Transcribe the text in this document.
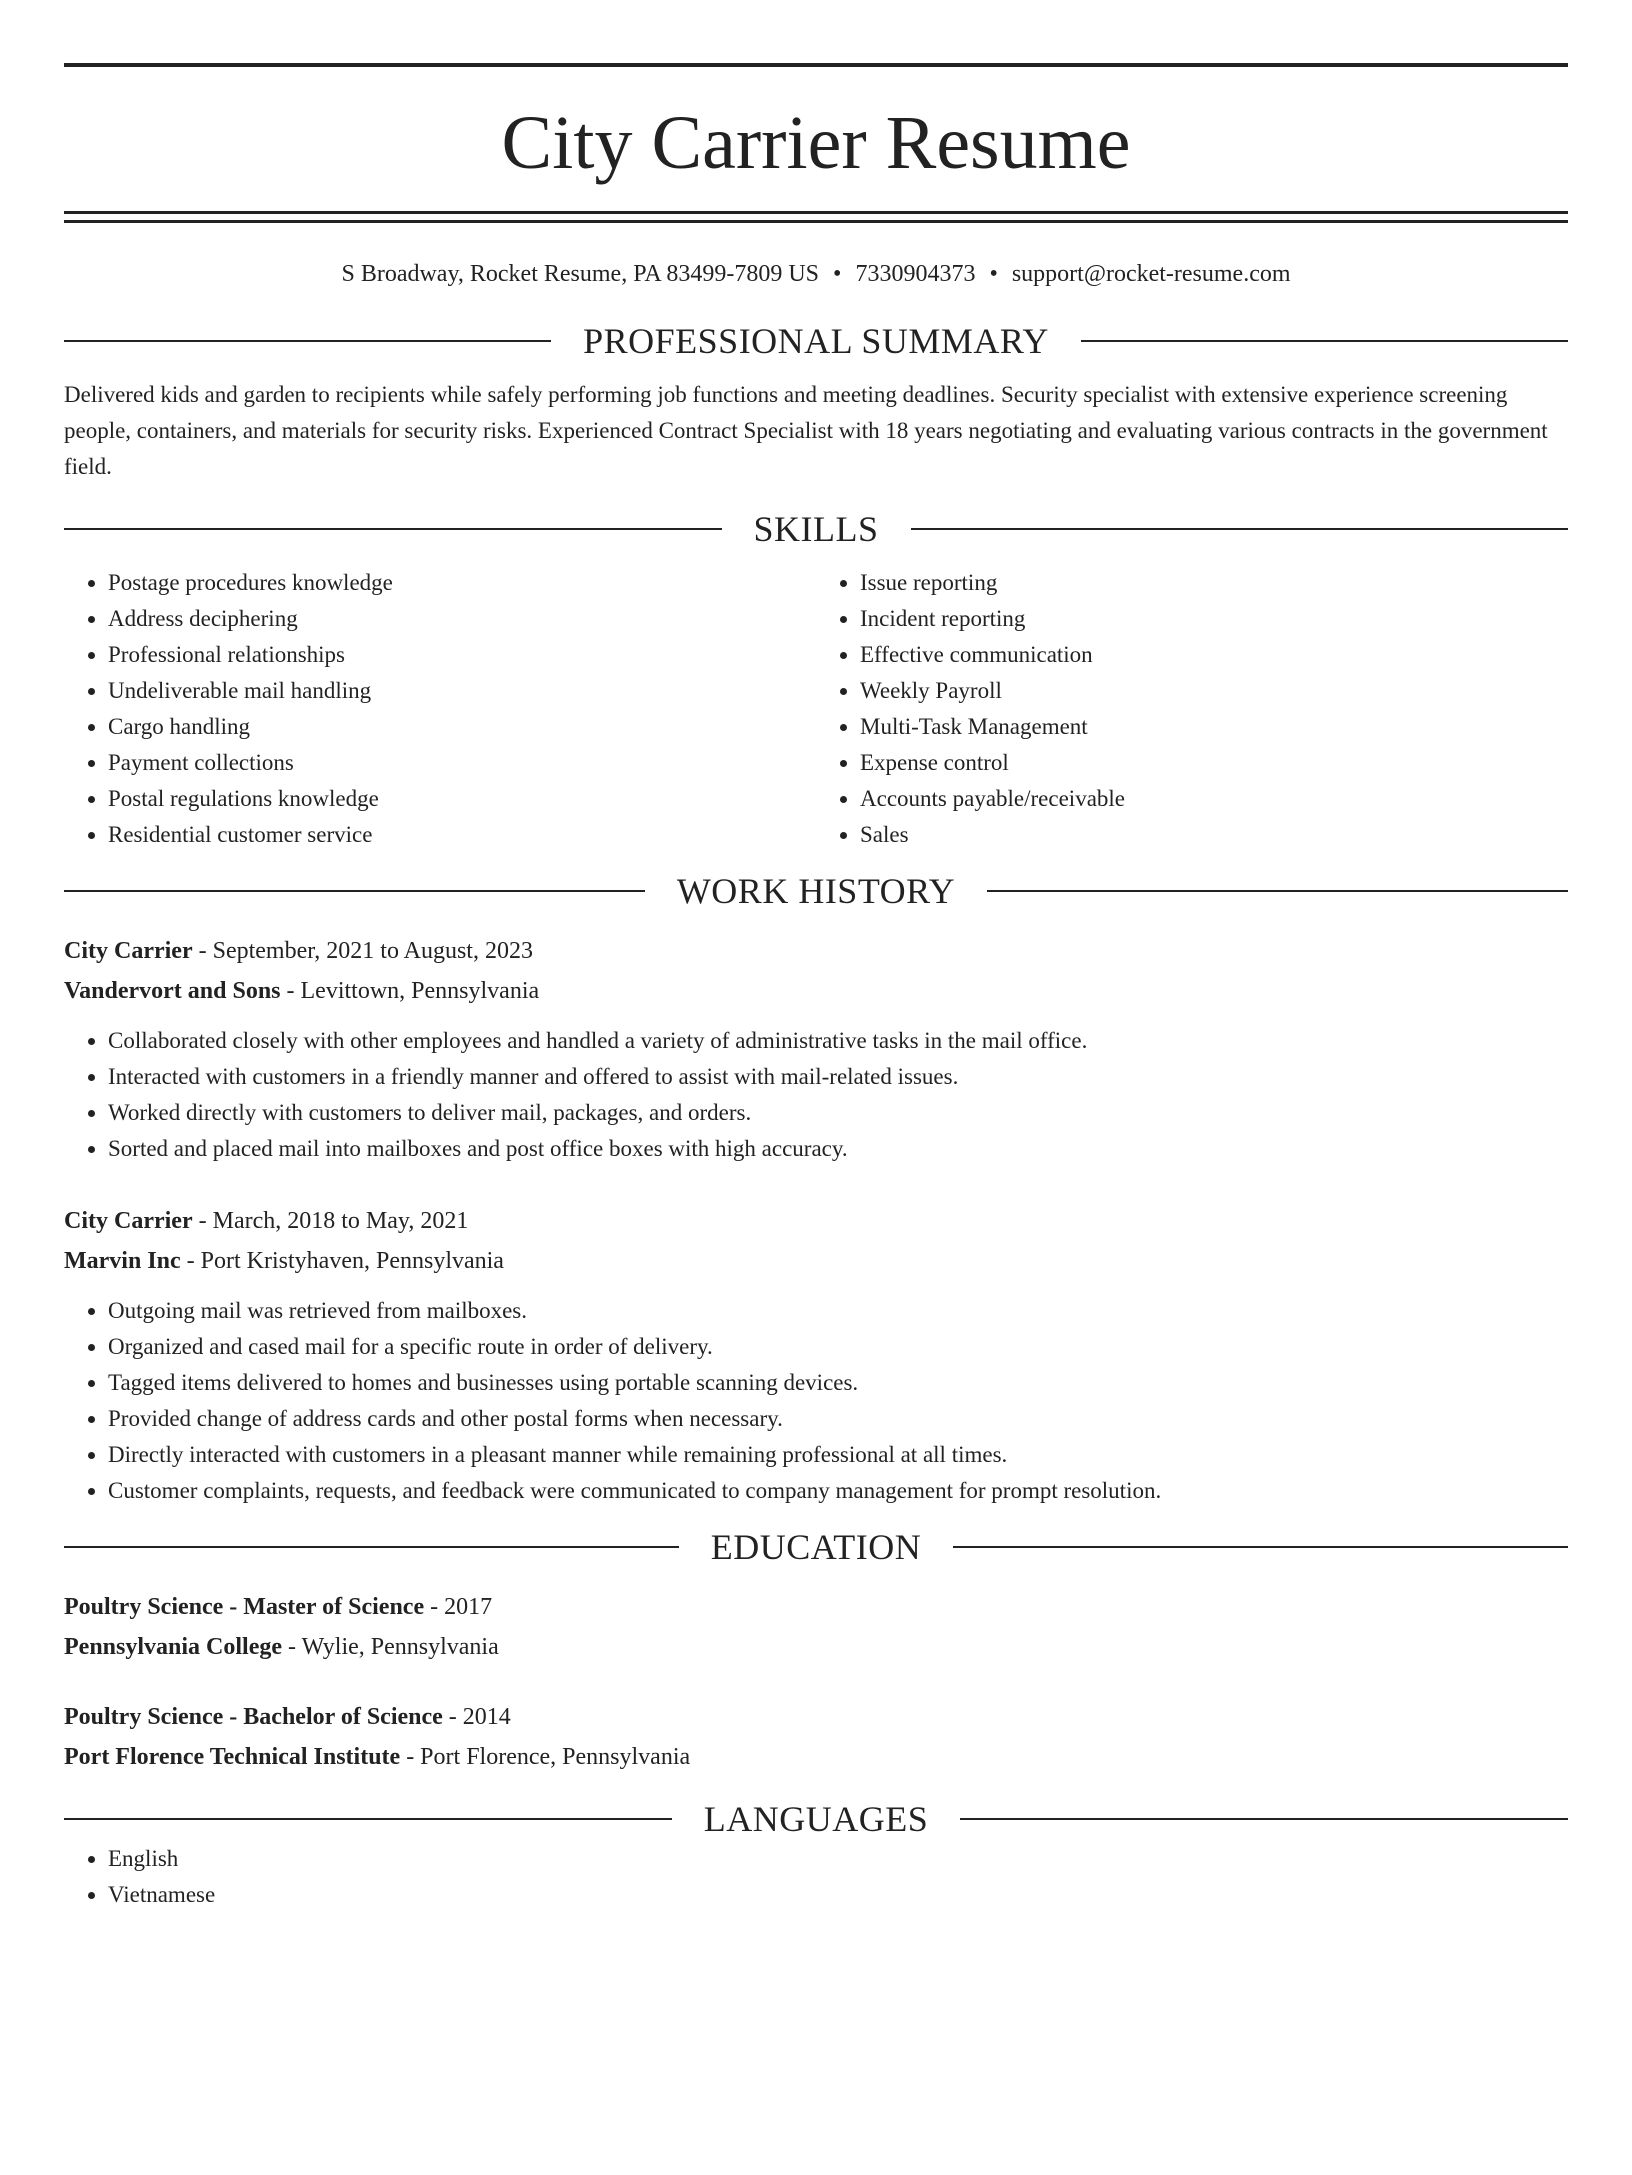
City Carrier Resume
S Broadway, Rocket Resume, PA 83499-7809 US • 7330904373 • support@rocket-resume.com
PROFESSIONAL SUMMARY
Delivered kids and garden to recipients while safely performing job functions and meeting deadlines. Security specialist with extensive experience screening people, containers, and materials for security risks. Experienced Contract Specialist with 18 years negotiating and evaluating various contracts in the government field.
SKILLS
• Postage procedures knowledge
• Address deciphering
• Professional relationships
• Undeliverable mail handling
• Cargo handling
• Payment collections
• Postal regulations knowledge
• Residential customer service
• Issue reporting
• Incident reporting
• Effective communication
• Weekly Payroll
• Multi-Task Management
• Expense control
• Accounts payable/receivable
• Sales
WORK HISTORY
City Carrier - September, 2021 to August, 2023
Vandervort and Sons - Levittown, Pennsylvania
• Collaborated closely with other employees and handled a variety of administrative tasks in the mail office.
• Interacted with customers in a friendly manner and offered to assist with mail-related issues.
• Worked directly with customers to deliver mail, packages, and orders.
• Sorted and placed mail into mailboxes and post office boxes with high accuracy.
City Carrier - March, 2018 to May, 2021
Marvin Inc - Port Kristyhaven, Pennsylvania
• Outgoing mail was retrieved from mailboxes.
• Organized and cased mail for a specific route in order of delivery.
• Tagged items delivered to homes and businesses using portable scanning devices.
• Provided change of address cards and other postal forms when necessary.
• Directly interacted with customers in a pleasant manner while remaining professional at all times.
• Customer complaints, requests, and feedback were communicated to company management for prompt resolution.
EDUCATION
Poultry Science - Master of Science - 2017
Pennsylvania College - Wylie, Pennsylvania
Poultry Science - Bachelor of Science - 2014
Port Florence Technical Institute - Port Florence, Pennsylvania
LANGUAGES
• English
• Vietnamese
